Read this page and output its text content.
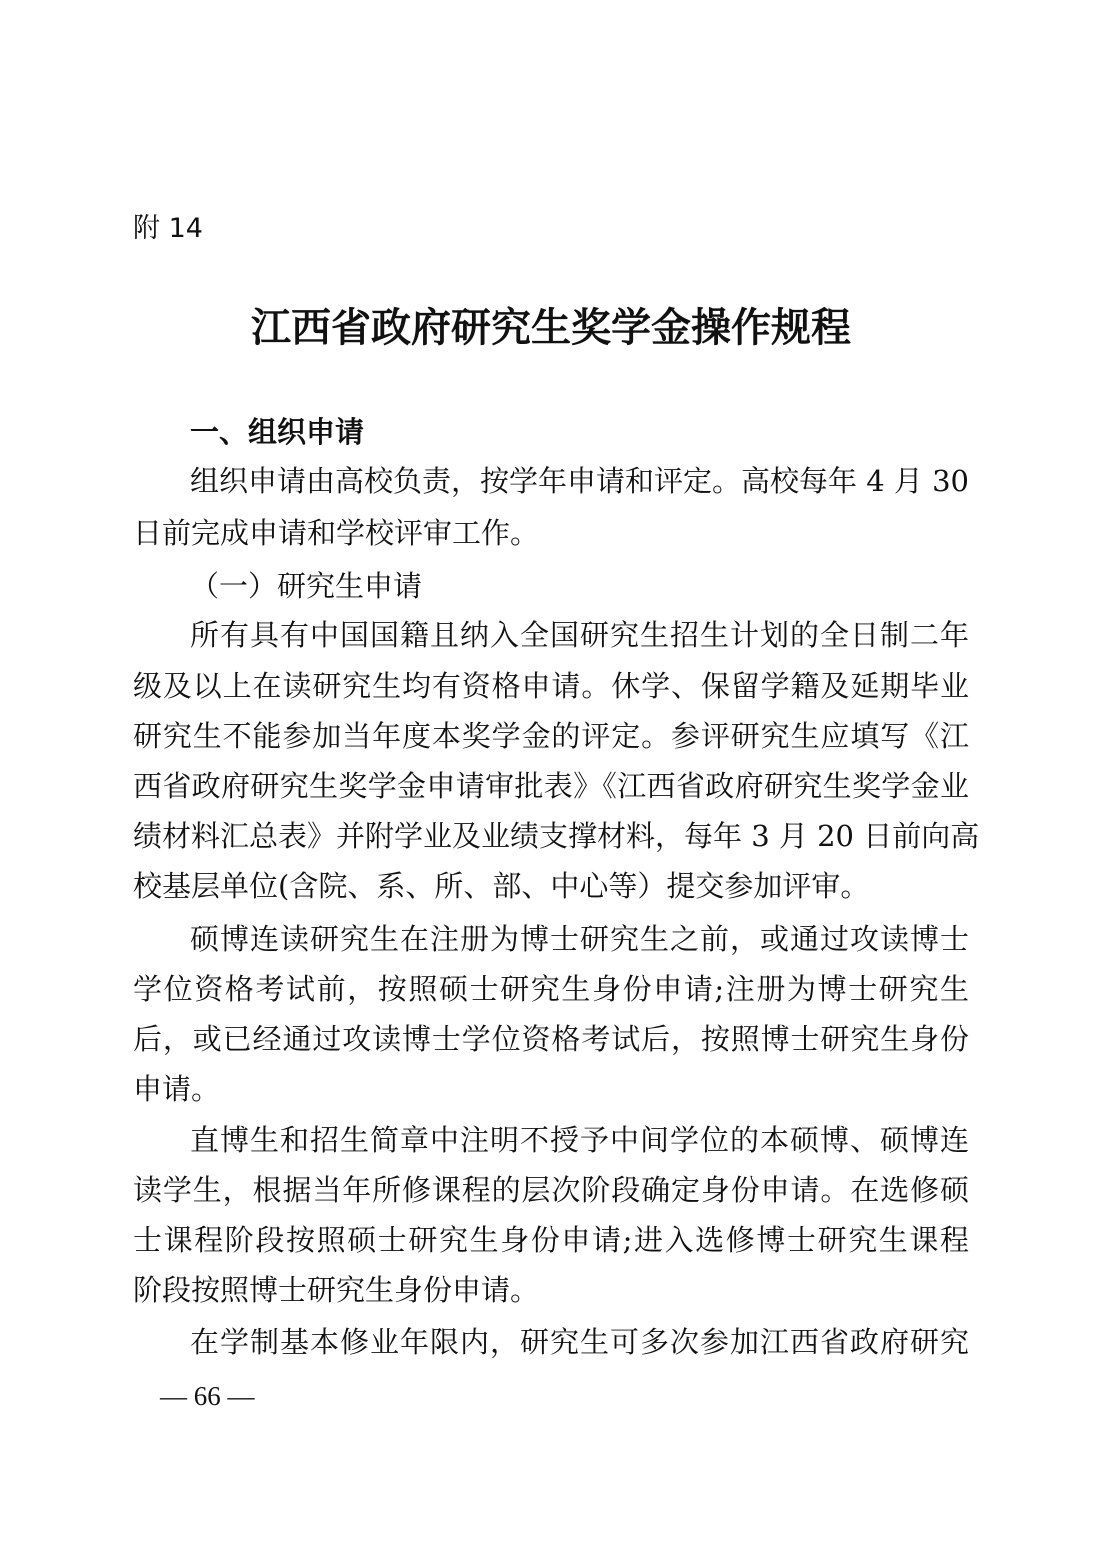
附 14
江西省政府研究生奖学金操作规程
一、组织申请
组织申请由高校负责，按学年申请和评定。高校每年 4 月 30
日前完成申请和学校评审工作。
（一）研究生申请
所有具有中国国籍且纳入全国研究生招生计划的全日制二年
级及以上在读研究生均有资格申请。休学、保留学籍及延期毕业
研究生不能参加当年度本奖学金的评定。参评研究生应填写《江
西省政府研究生奖学金申请审批表》《江西省政府研究生奖学金业
绩材料汇总表》并附学业及业绩支撑材料，每年 3 月 20 日前向高
校基层单位(含院、系、所、部、中心等）提交参加评审。
硕博连读研究生在注册为博士研究生之前，或通过攻读博士
学位资格考试前，按照硕士研究生身份申请;注册为博士研究生
后，或已经通过攻读博士学位资格考试后，按照博士研究生身份
申请。
直博生和招生简章中注明不授予中间学位的本硕博、硕博连
读学生，根据当年所修课程的层次阶段确定身份申请。在选修硕
士课程阶段按照硕士研究生身份申请;进入选修博士研究生课程
阶段按照博士研究生身份申请。
在学制基本修业年限内，研究生可多次参加江西省政府研究
— 66 —
